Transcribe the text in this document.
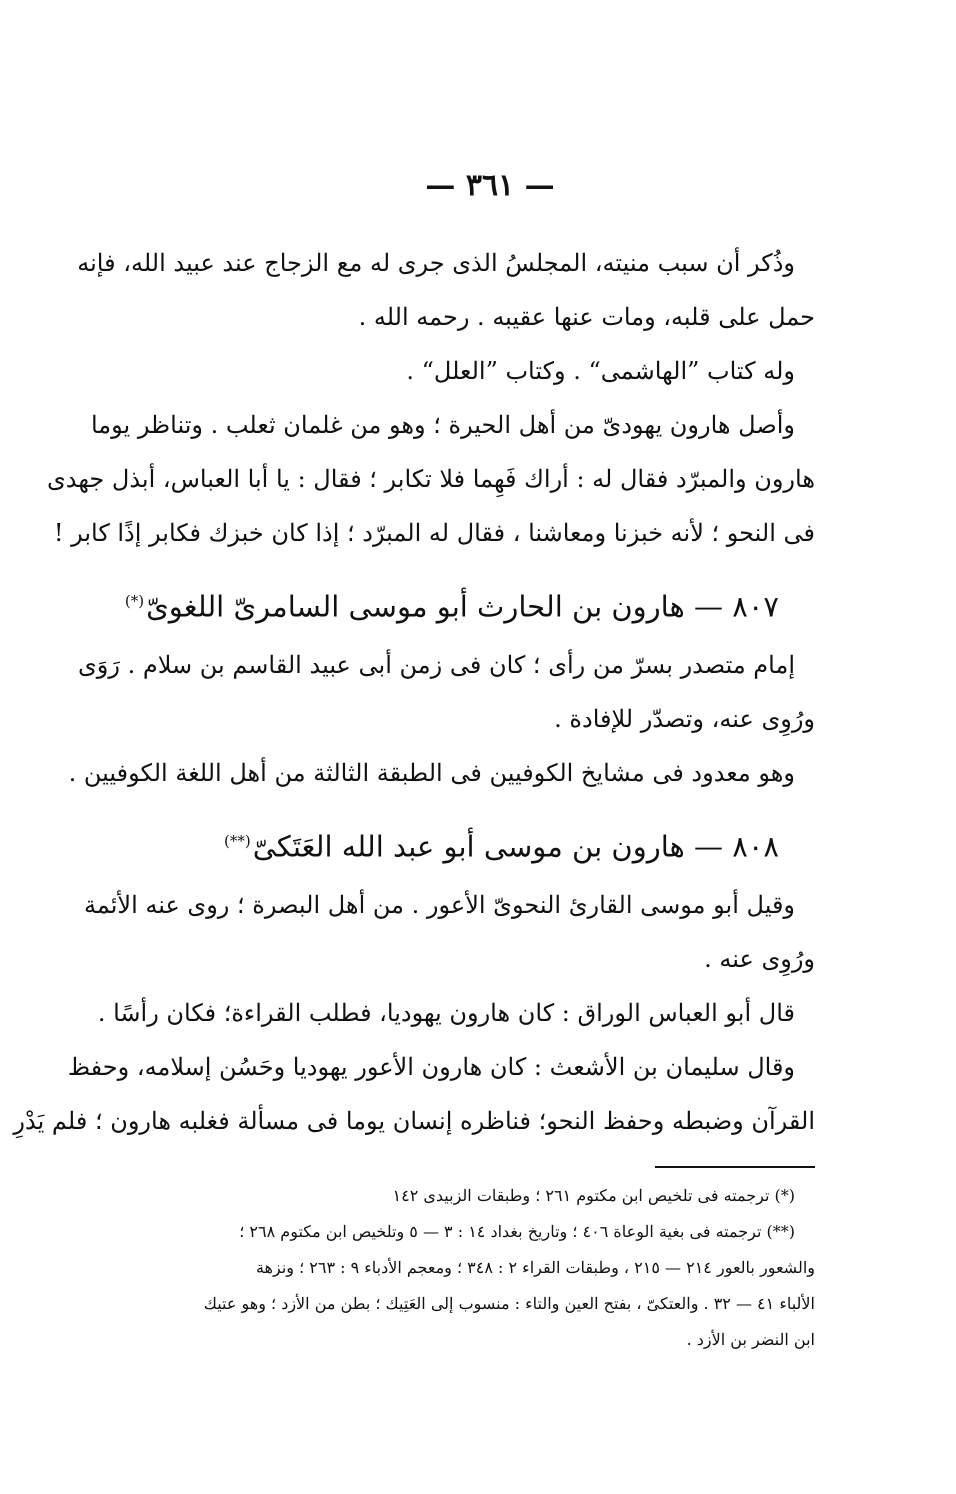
— ٣٦١ —
وذُكر أن سبب منيته، المجلسُ الذى جرى له مع الزجاج عند عبيد الله، فإنه
حمل على قلبه، ومات عنها عقيبه . رحمه الله .
وله كتاب ”الهاشمى“ . وكتاب ”العلل“ .
وأصل هارون يهودىّ من أهل الحيرة ؛ وهو من غلمان ثعلب . وتناظر يوما
هارون والمبرّد فقال له : أراك فَهِما فلا تكابر ؛ فقال : يا أبا العباس، أبذل جهدى
فى النحو ؛ لأنه خبزنا ومعاشنا ، فقال له المبرّد ؛ إذا كان خبزك فكابر إذًا كابر !
٨٠٧ — هارون بن الحارث أبو موسى السامرىّ اللغوىّ(*)
إمام متصدر بسرّ من رأى ؛ كان فى زمن أبى عبيد القاسم بن سلام . رَوَى
ورُوِى عنه، وتصدّر للإفادة .
وهو معدود فى مشايخ الكوفيين فى الطبقة الثالثة من أهل اللغة الكوفيين .
٨٠٨ — هارون بن موسى أبو عبد الله العَتَكىّ(**)
وقيل أبو موسى القارئ النحوىّ الأعور . من أهل البصرة ؛ روى عنه الأئمة
ورُوِى عنه .
قال أبو العباس الوراق : كان هارون يهوديا، فطلب القراءة؛ فكان رأسًا .
وقال سليمان بن الأشعث : كان هارون الأعور يهوديا وحَسُن إسلامه، وحفظ
القرآن وضبطه وحفظ النحو؛ فناظره إنسان يوما فى مسألة فغلبه هارون ؛ فلم يَدْرِ
(*) ترجمته فى تلخيص ابن مكتوم ٢٦١ ؛ وطبقات الزبيدى ١٤٢
(**) ترجمته فى بغية الوعاة ٤٠٦ ؛ وتاريخ بغداد ١٤ : ٣ — ٥ وتلخيص ابن مكتوم ٢٦٨ ؛
والشعور بالعور ٢١٤ — ٢١٥ ، وطبقات القراء ٢ : ٣٤٨ ؛ ومعجم الأدباء ٩ : ٢٦٣ ؛ ونزهة
الألباء ٤١ — ٣٢ . والعتكىّ ، بفتح العين والتاء : منسوب إلى العَتِيك ؛ بطن من الأزد ؛ وهو عتيك
ابن النضر بن الأزد .
